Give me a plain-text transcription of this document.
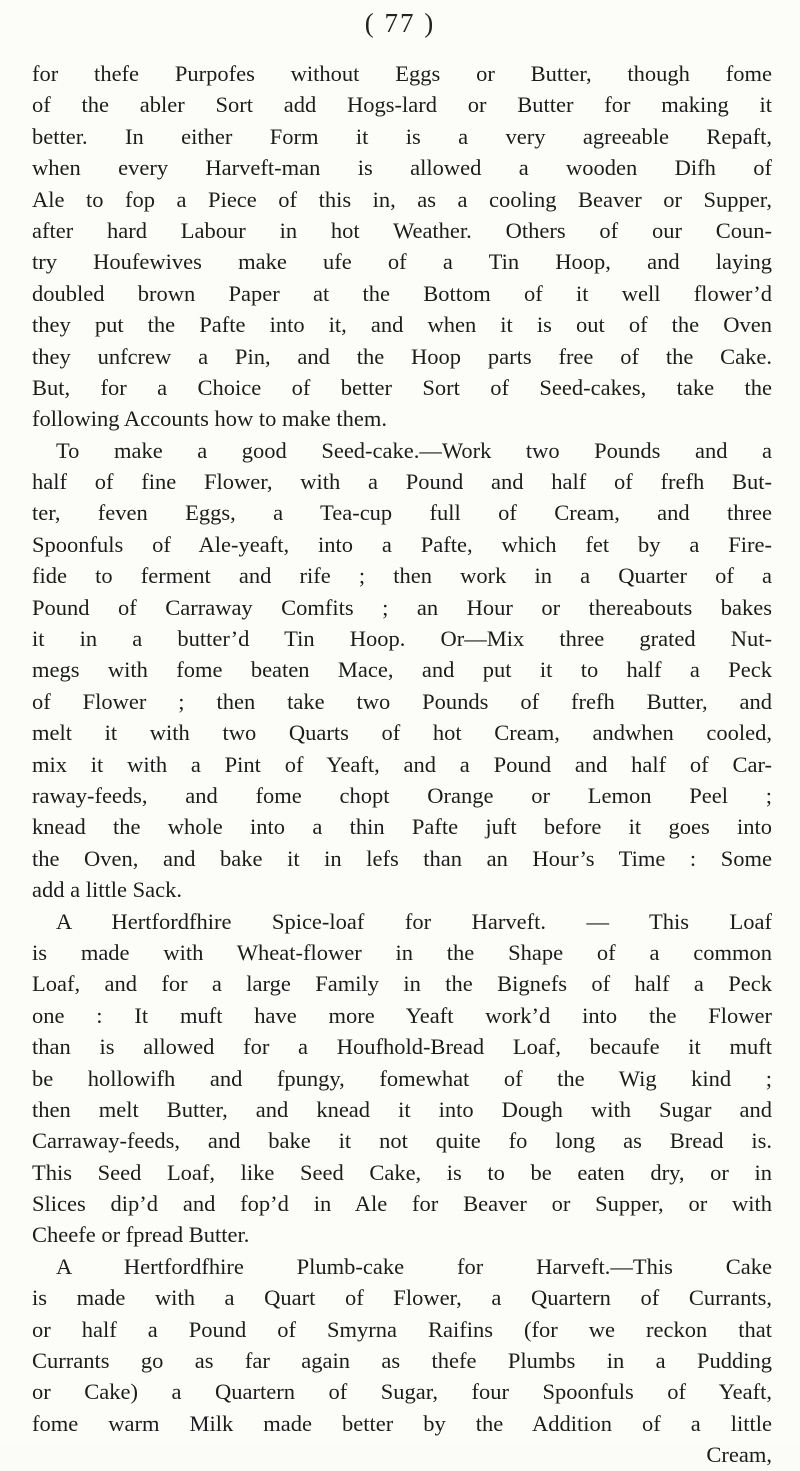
( 77 )
for thefe Purpofes without Eggs or Butter, though fome
of the abler Sort add Hogs-lard or Butter for making it
better. In either Form it is a very agreeable Repaft,
when every Harveft-man is allowed a wooden Difh of
Ale to fop a Piece of this in, as a cooling Beaver or Supper,
after hard Labour in hot Weather. Others of our Coun-
try Houfewives make ufe of a Tin Hoop, and laying
doubled brown Paper at the Bottom of it well flower’d
they put the Pafte into it, and when it is out of the Oven
they unfcrew a Pin, and the Hoop parts free of the Cake.
But, for a Choice of better Sort of Seed-cakes, take the
following Accounts how to make them.
To make a good Seed-cake.—Work two Pounds and a
half of fine Flower, with a Pound and half of frefh But-
ter, feven Eggs, a Tea-cup full of Cream, and three
Spoonfuls of Ale-yeaft, into a Pafte, which fet by a Fire-
fide to ferment and rife ; then work in a Quarter of a
Pound of Carraway Comfits ; an Hour or thereabouts bakes
it in a butter’d Tin Hoop. Or—Mix three grated Nut-
megs with fome beaten Mace, and put it to half a Peck
of Flower ; then take two Pounds of frefh Butter, and
melt it with two Quarts of hot Cream, andwhen cooled,
mix it with a Pint of Yeaft, and a Pound and half of Car-
raway-feeds, and fome chopt Orange or Lemon Peel ;
knead the whole into a thin Pafte juft before it goes into
the Oven, and bake it in lefs than an Hour’s Time : Some
add a little Sack.
A Hertfordfhire Spice-loaf for Harveft. — This Loaf
is made with Wheat-flower in the Shape of a common
Loaf, and for a large Family in the Bignefs of half a Peck
one : It muft have more Yeaft work’d into the Flower
than is allowed for a Houfhold-Bread Loaf, becaufe it muft
be hollowifh and fpungy, fomewhat of the Wig kind ;
then melt Butter, and knead it into Dough with Sugar and
Carraway-feeds, and bake it not quite fo long as Bread is.
This Seed Loaf, like Seed Cake, is to be eaten dry, or in
Slices dip’d and fop’d in Ale for Beaver or Supper, or with
Cheefe or fpread Butter.
A Hertfordfhire Plumb-cake for Harveft.—This Cake
is made with a Quart of Flower, a Quartern of Currants,
or half a Pound of Smyrna Raifins (for we reckon that
Currants go as far again as thefe Plumbs in a Pudding
or Cake) a Quartern of Sugar, four Spoonfuls of Yeaft,
fome warm Milk made better by the Addition of a little
Cream,
